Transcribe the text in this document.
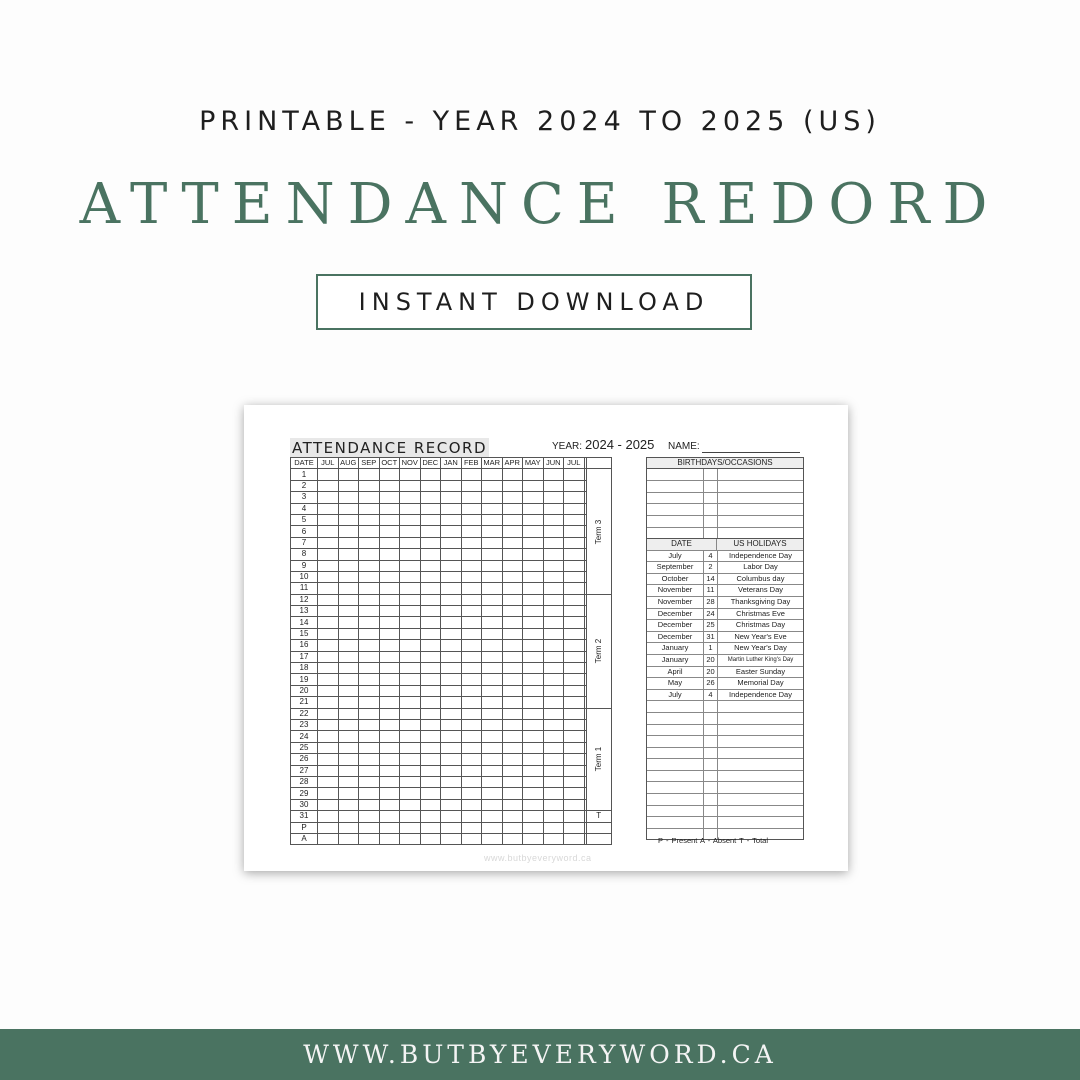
PRINTABLE - YEAR 2024 TO 2025 (US)
ATTENDANCE REDORD
INSTANT DOWNLOAD
ATTENDANCE RECORD	YEAR: 2024 - 2025 NAME:
DATE	JUL	AUG	SEP	OCT	NOV	DEC	JAN	FEB	MAR	APR	MAY	JUN	JUL		
1															Term 3
2															
3															
4															
5															
6															
7															
8															
9															
10															
11															
12															Term 2
13															
14															
15															
16															
17															
18															
19															
20															
21															
22															Term 1
23															
24															
25															
26															
27															
28															
29															
30															
31															T
P															
A															
BIRTHDAYS/OCCASIONS
DATE	US HOLIDAYS
July	4	Independence Day
September	2	Labor Day
October	14	Columbus day
November	11	Veterans Day
November	28	Thanksgiving Day
December	24	Christmas Eve
December	25	Christmas Day
December	31	New Year's Eve
January	1	New Year's Day
January	20	Martin Luther King's Day
April	20	Easter Sunday
May	26	Memorial Day
July	4	Independence Day
P - Present A - Absent T - Total
www.butbyeveryword.ca
WWW.BUTBYEVERYWORD.CA
